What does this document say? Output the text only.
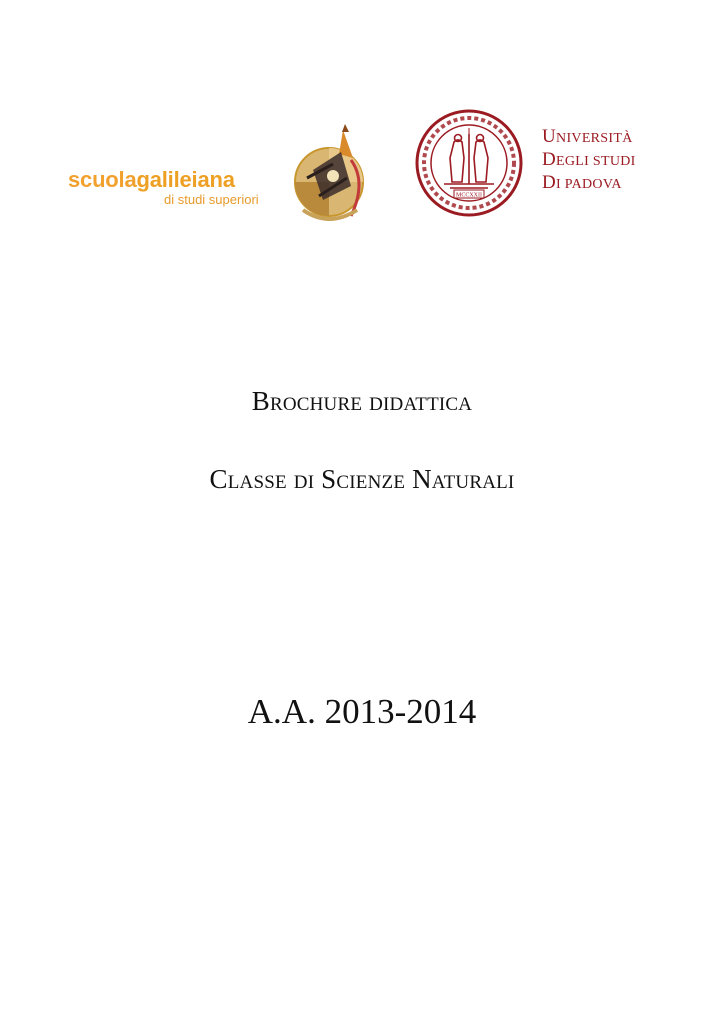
scuolagalileiana
di studi superiori	MCCXXII
UNIVERSITÀ
DEGLI STUDI
DI PADOVA
Brochure didattica
Classe di Scienze Naturali
A.A. 2013-2014
